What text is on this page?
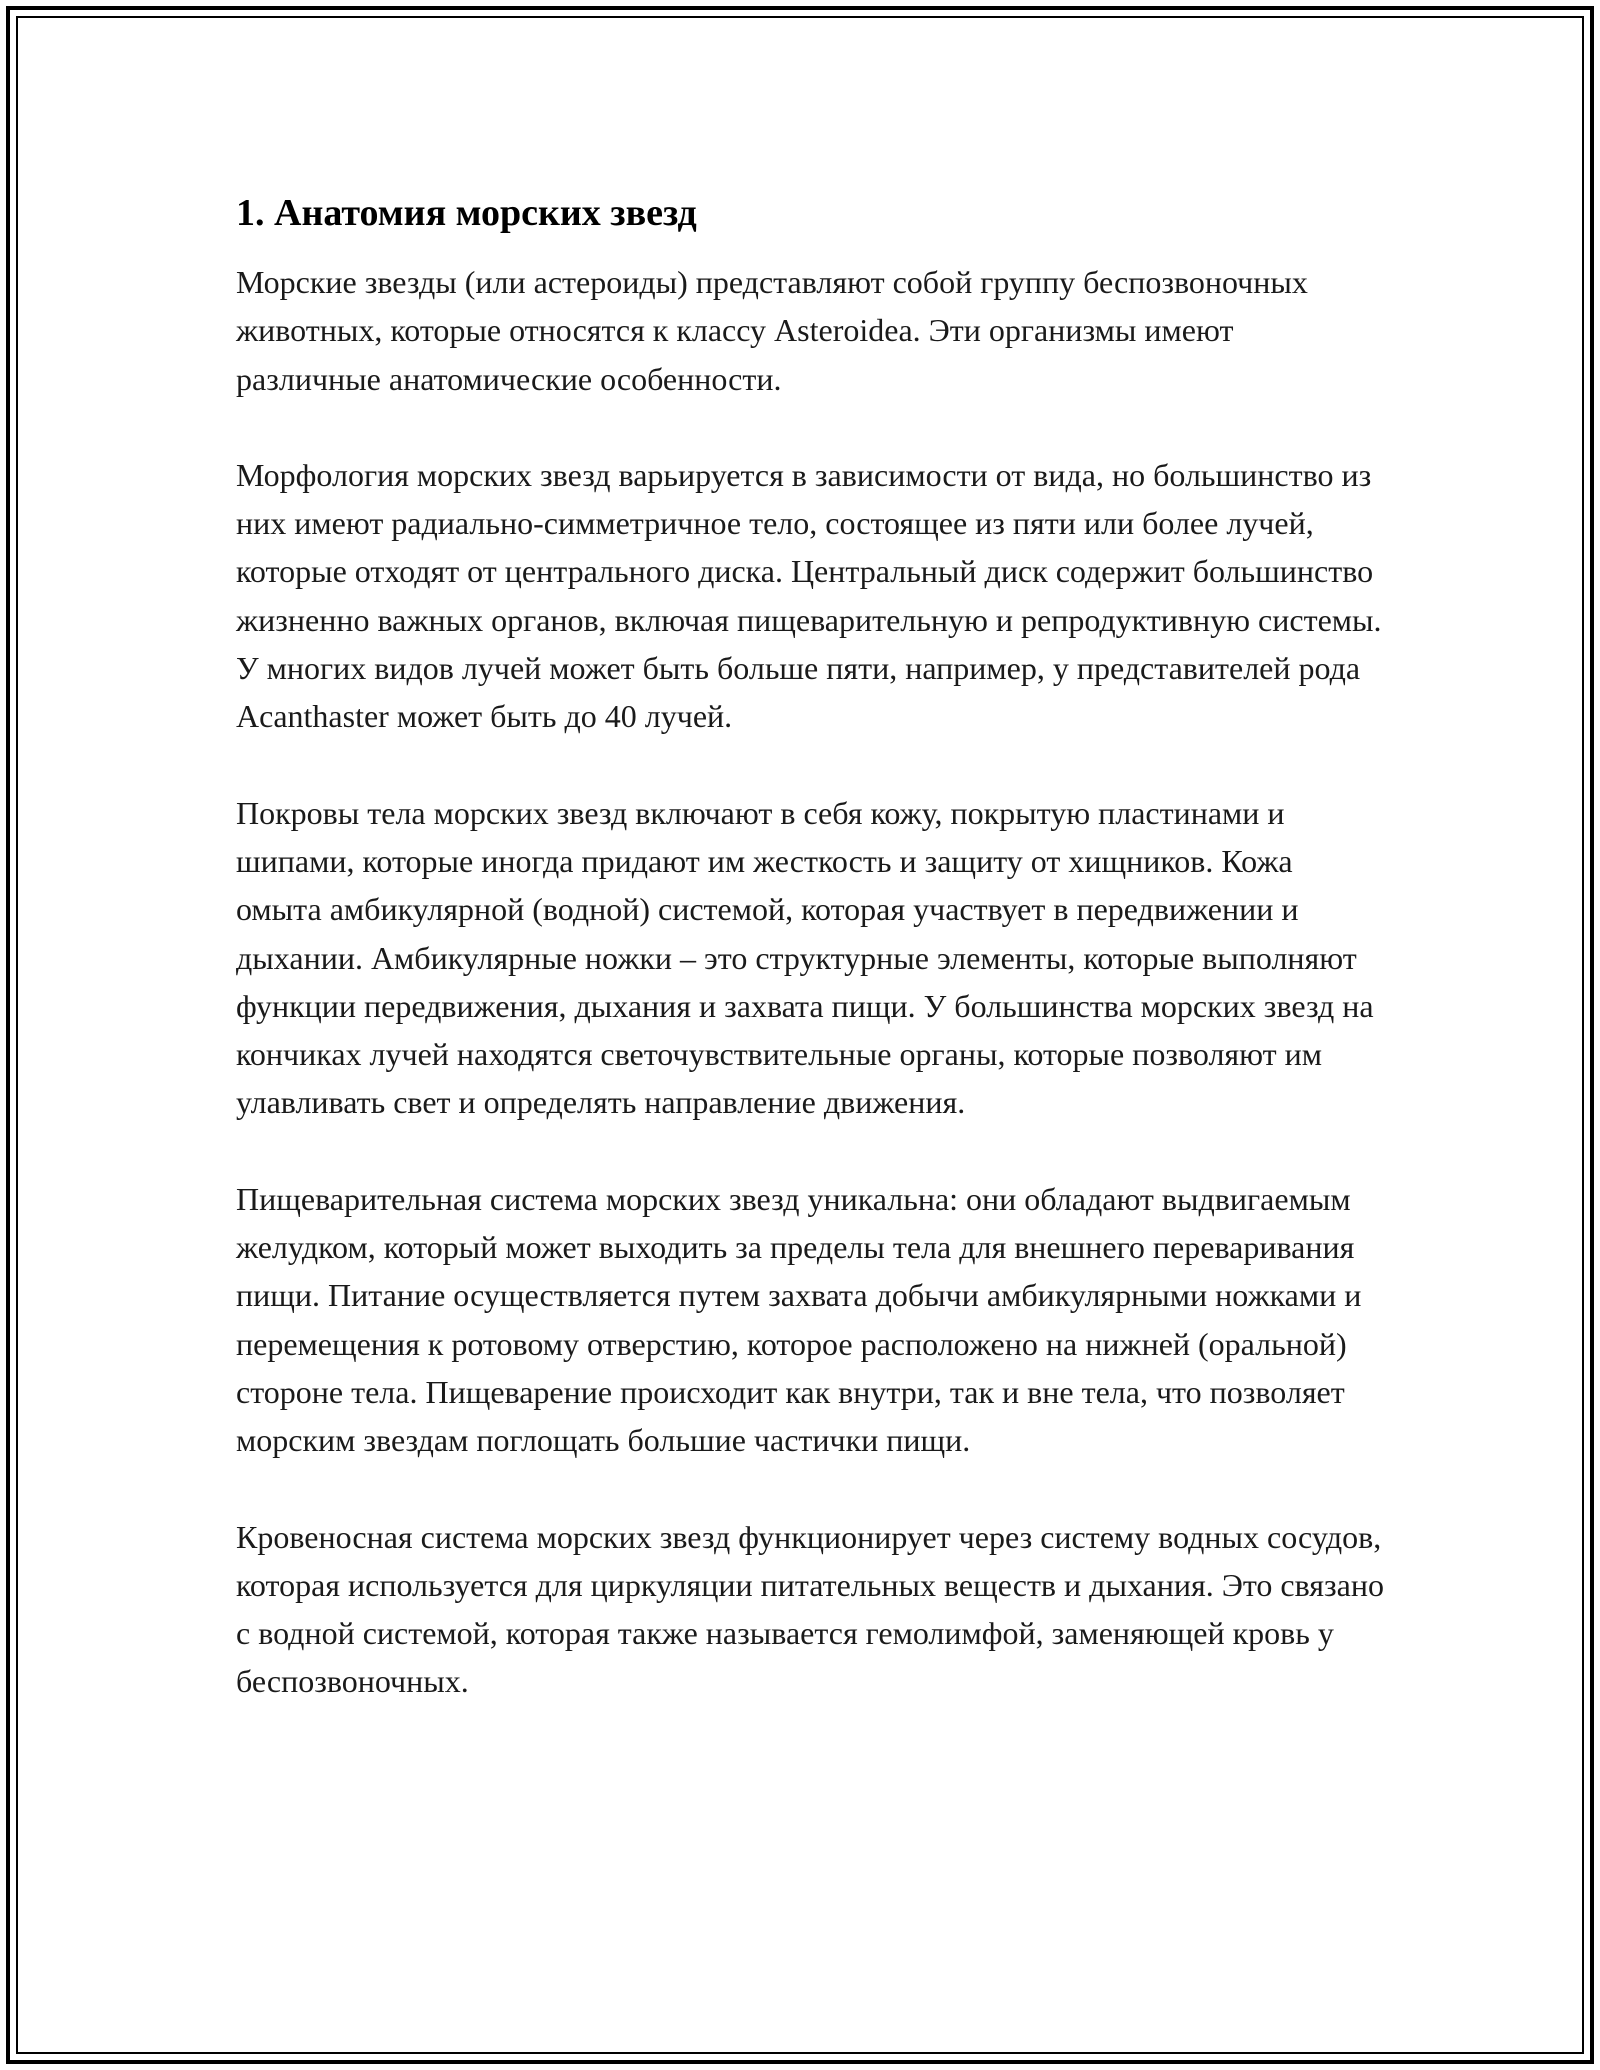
1. Анатомия морских звезд

Морские звезды (или астероиды) представляют собой группу беспозвоночных животных, которые относятся к классу Asteroidea. Эти организмы имеют различные анатомические особенности.

Морфология морских звезд варьируется в зависимости от вида, но большинство из них имеют радиально-симметричное тело, состоящее из пяти или более лучей, которые отходят от центрального диска. Центральный диск содержит большинство жизненно важных органов, включая пищеварительную и репродуктивную системы. У многих видов лучей может быть больше пяти, например, у представителей рода Acanthaster может быть до 40 лучей.

Покровы тела морских звезд включают в себя кожу, покрытую пластинами и шипами, которые иногда придают им жесткость и защиту от хищников. Кожа омыта амбикулярной (водной) системой, которая участвует в передвижении и дыхании. Амбикулярные ножки – это структурные элементы, которые выполняют функции передвижения, дыхания и захвата пищи. У большинства морских звезд на кончиках лучей находятся светочувствительные органы, которые позволяют им улавливать свет и определять направление движения.

Пищеварительная система морских звезд уникальна: они обладают выдвигаемым желудком, который может выходить за пределы тела для внешнего переваривания пищи. Питание осуществляется путем захвата добычи амбикулярными ножками и перемещения к ротовому отверстию, которое расположено на нижней (оральной) стороне тела. Пищеварение происходит как внутри, так и вне тела, что позволяет морским звездам поглощать большие частички пищи.

Кровеносная система морских звезд функционирует через систему водных сосудов, которая используется для циркуляции питательных веществ и дыхания. Это связано с водной системой, которая также называется гемолимфой, заменяющей кровь у беспозвоночных.
